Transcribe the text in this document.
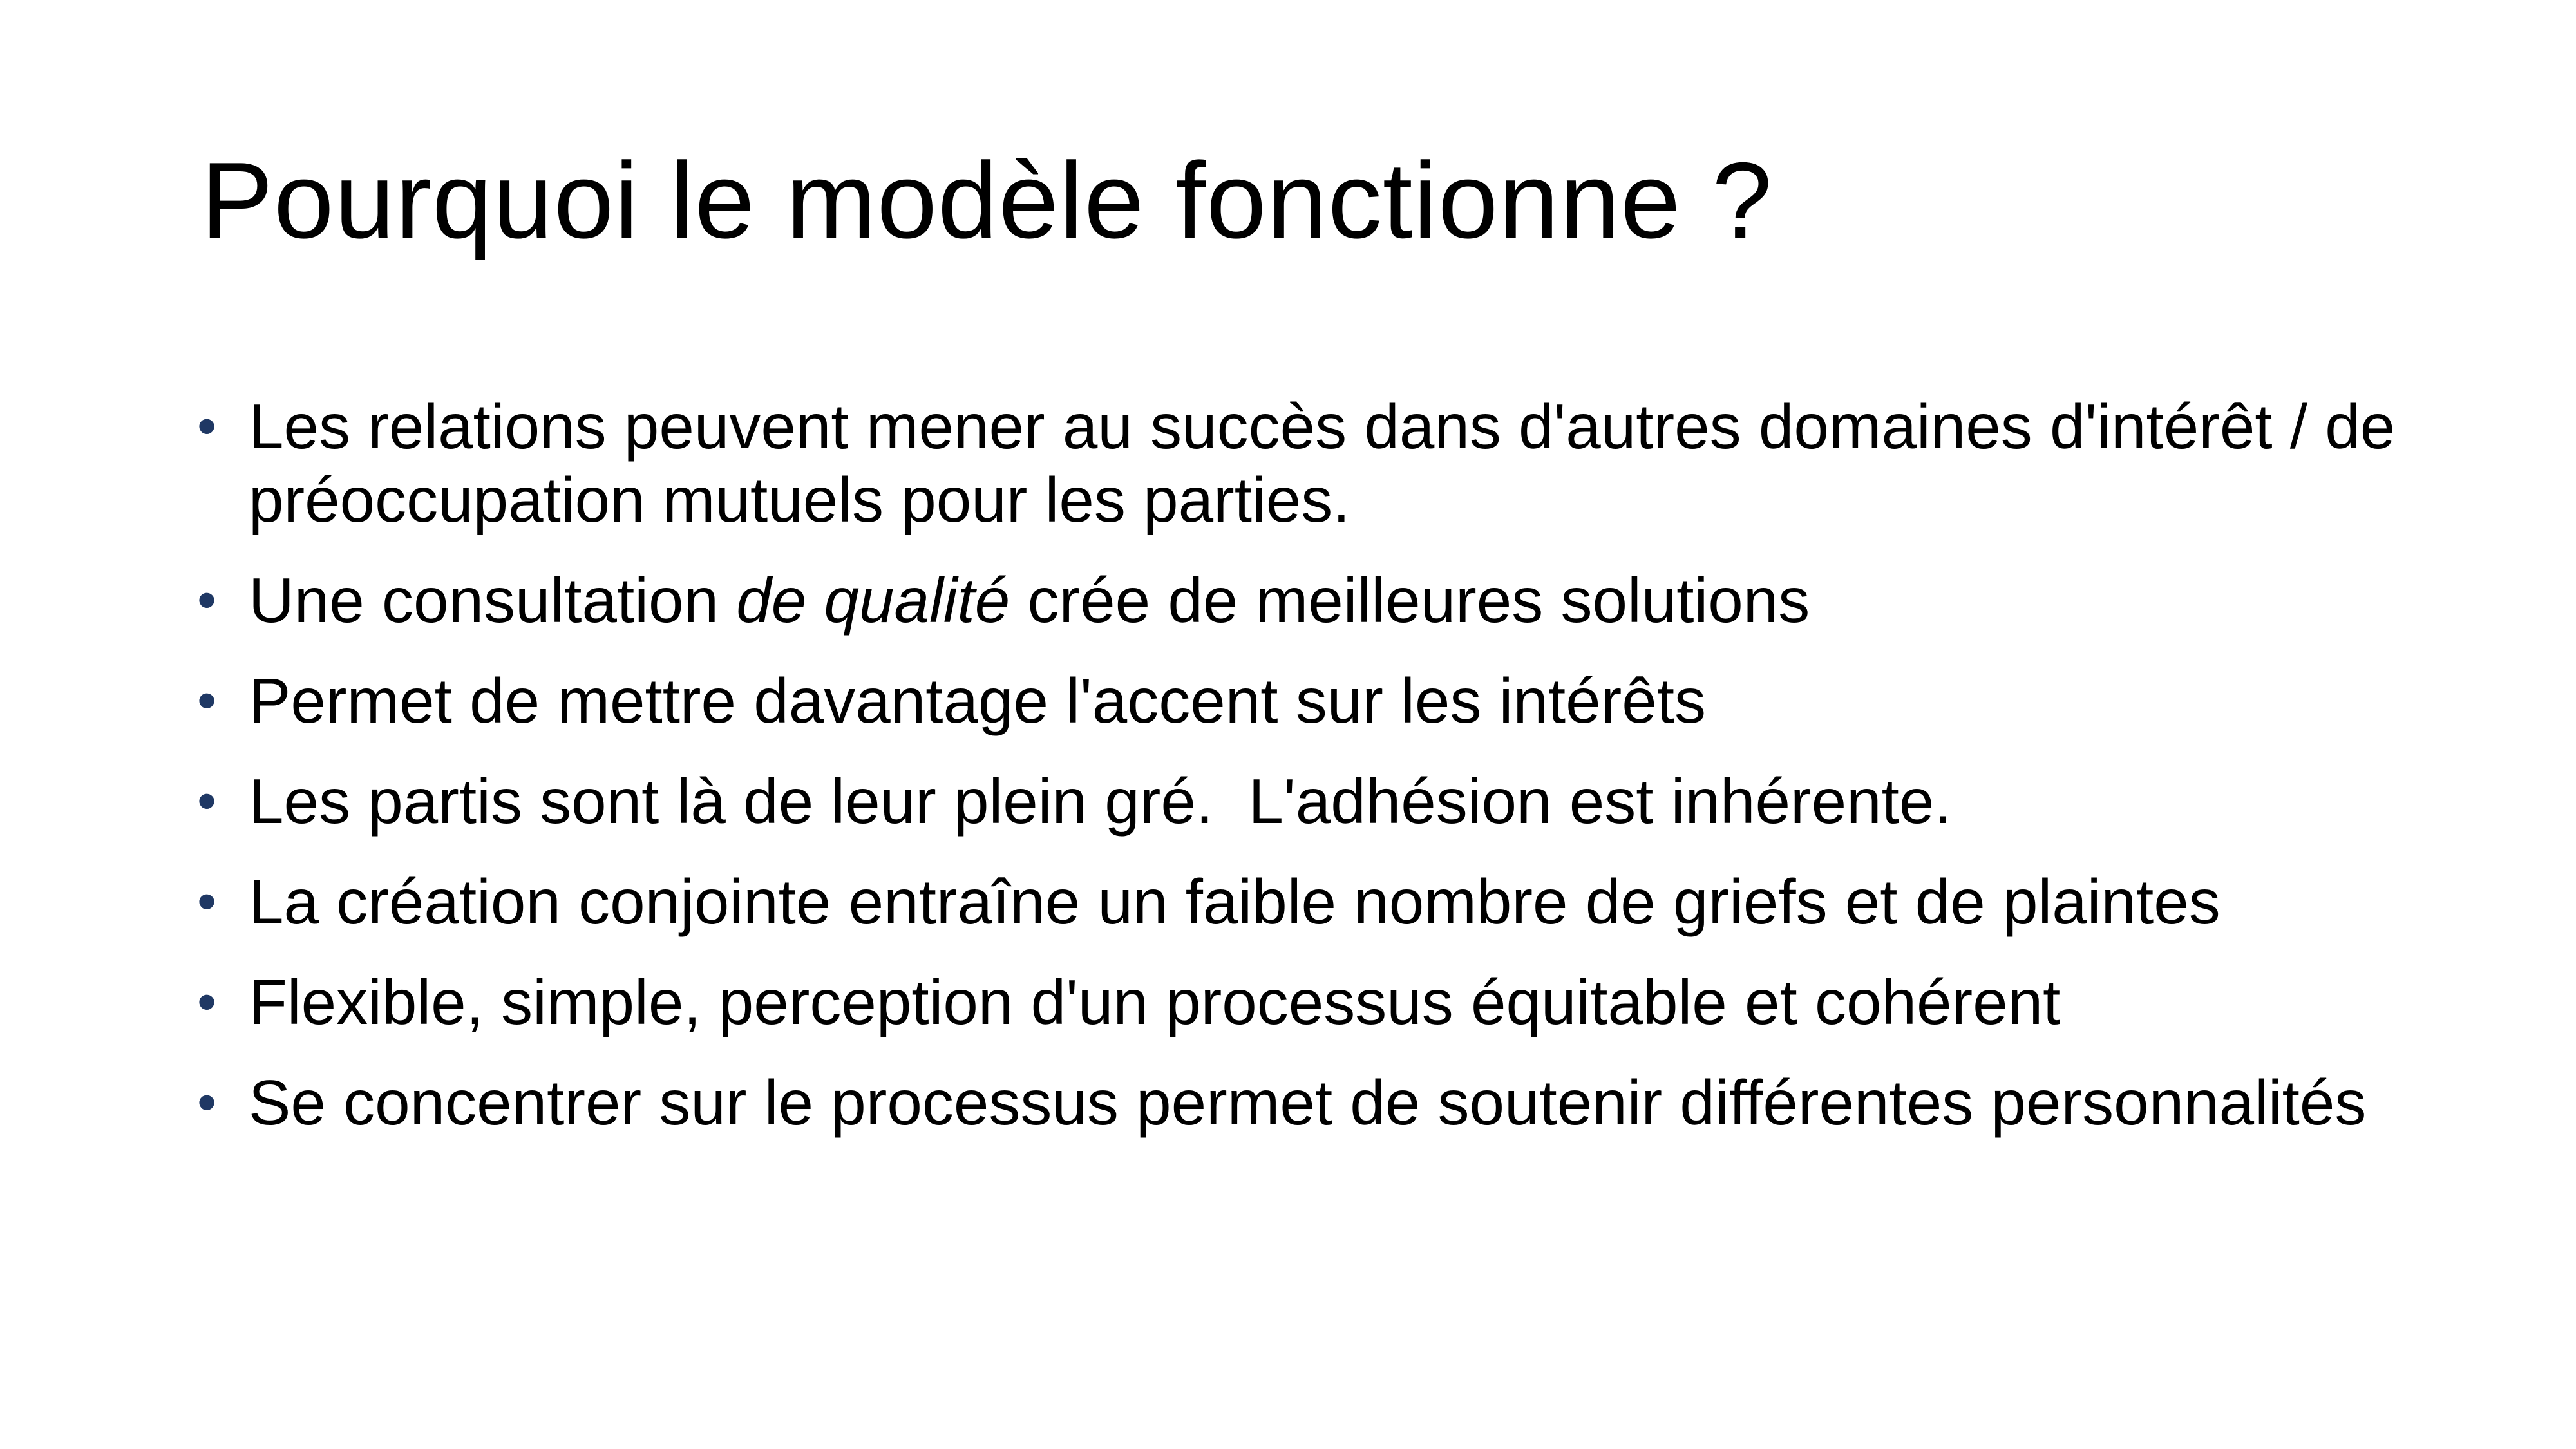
Pourquoi le modèle fonctionne ?
• Les relations peuvent mener au succès dans d'autres domaines d'intérêt / de préoccupation mutuels pour les parties.
• Une consultation de qualité crée de meilleures solutions
• Permet de mettre davantage l'accent sur les intérêts
• Les partis sont là de leur plein gré.  L'adhésion est inhérente.
• La création conjointe entraîne un faible nombre de griefs et de plaintes
• Flexible, simple, perception d'un processus équitable et cohérent
• Se concentrer sur le processus permet de soutenir différentes personnalités
